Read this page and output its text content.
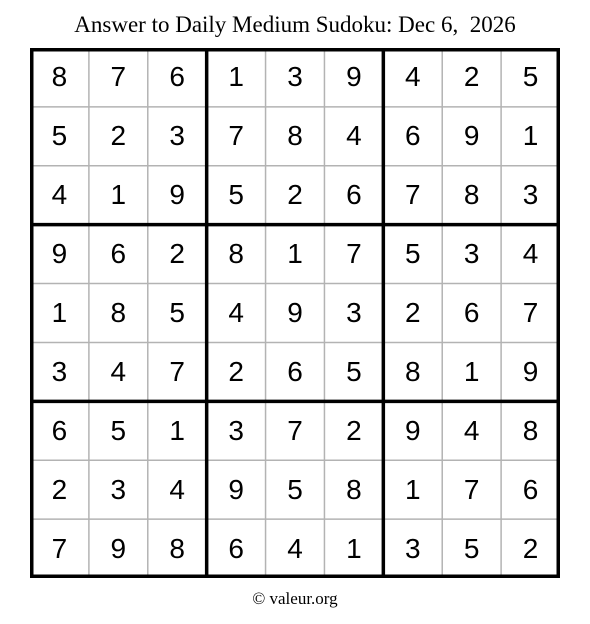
Answer to Daily Medium Sudoku: Dec 6,  2026
8	7	6	1	3	9	4	2	5
5	2	3	7	8	4	6	9	1
4	1	9	5	2	6	7	8	3
9	6	2	8	1	7	5	3	4
1	8	5	4	9	3	2	6	7
3	4	7	2	6	5	8	1	9
6	5	1	3	7	2	9	4	8
2	3	4	9	5	8	1	7	6
7	9	8	6	4	1	3	5	2
© valeur.org
